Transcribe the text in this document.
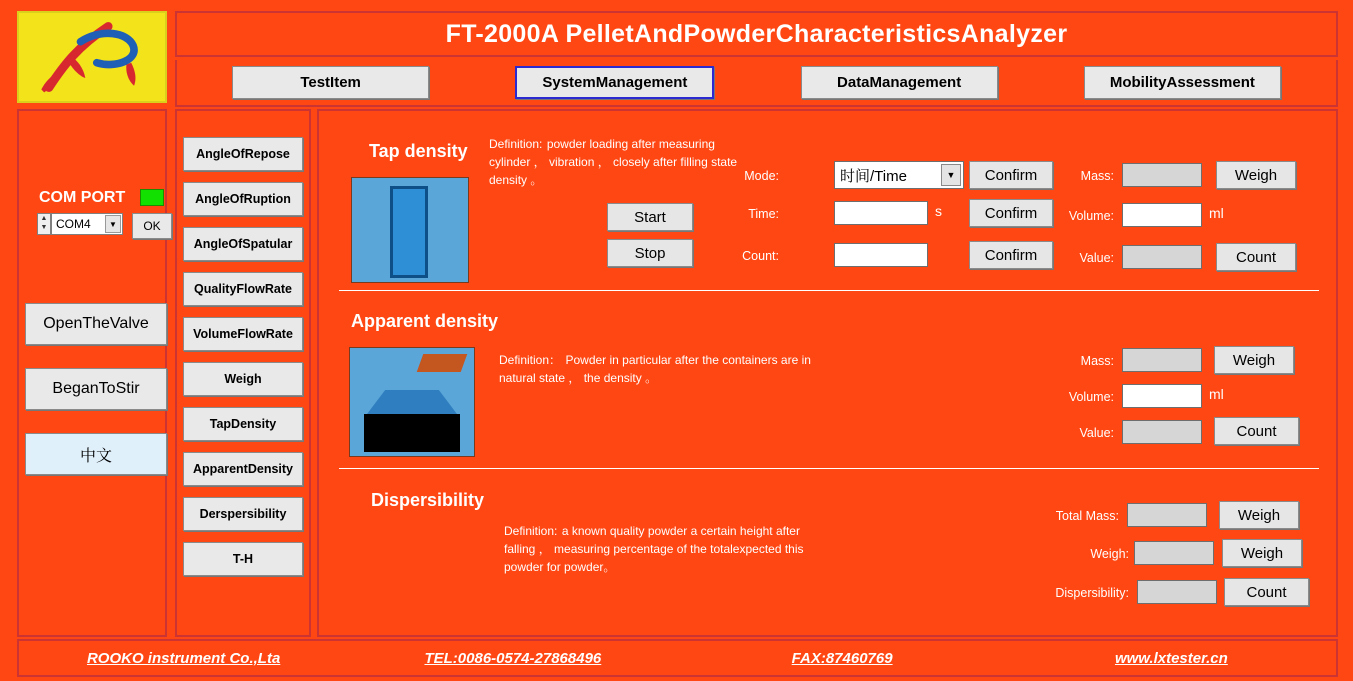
FT-2000A PelletAndPowderCharacteristicsAnalyzer
TestItem	SystemManagement	DataManagement	MobilityAssessment
COM PORT
▲
▼ COM4	▼	OK
OpenTheValve
BeganToStir
中文
AngleOfRepose
AngleOfRuption
AngleOfSpatular
QualityFlowRate
VolumeFlowRate
Weigh
TapDensity
ApparentDensity
Derspersibility
T-H
Tap density Definition: powder loading after measuring cylinder ， vibration ， closely after filling state density 。
Start
Stop
Mode:	时间/Time	▼	Confirm
Time:	s	Confirm
Count:	Confirm
Mass:	Weigh
Volume:	ml
Value:	Count
Apparent density
Definition： Powder in particular after the containers are in natural state ， the density 。
Mass:	Weigh
Volume:	ml
Value:	Count
Dispersibility
Definition: a known quality powder a certain height after falling ， measuring percentage of the totalexpected this powder for powder。
Total Mass:	Weigh
Weigh:	Weigh
Dispersibility:	Count
ROOKO instrument Co.,Lta	TEL:0086-0574-27868496	FAX:87460769	www.lxtester.cn
